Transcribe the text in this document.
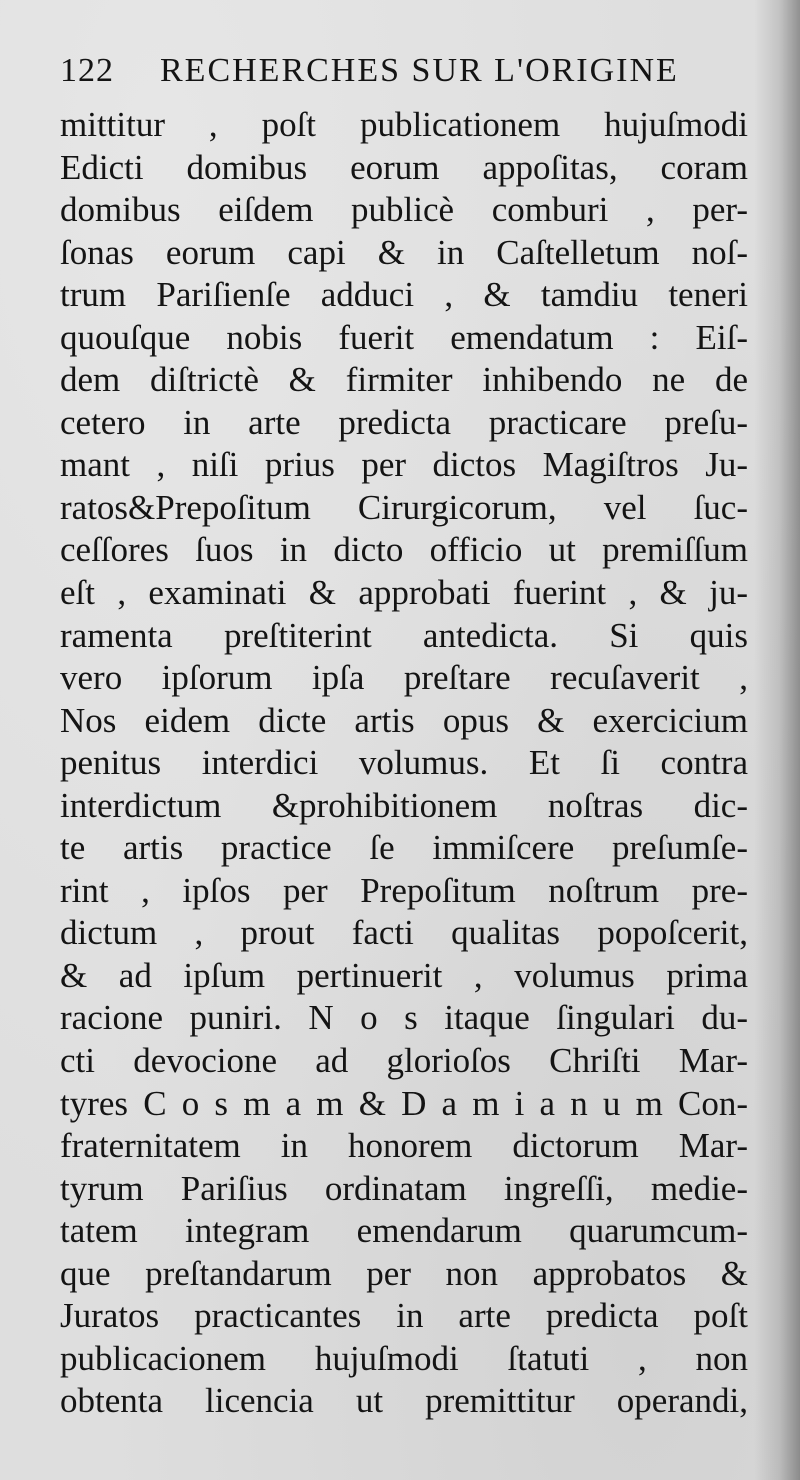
122	RECHERCHES SUR L'ORIGINE
mittitur , poſt publicationem hujuſmodi
Edicti domibus eorum appoſitas, coram
domibus eiſdem publicè comburi , per-
ſonas eorum capi & in Caſtelletum noſ-
trum Pariſienſe adduci , & tamdiu teneri
quouſque nobis fuerit emendatum : Eiſ-
dem diſtrictè & firmiter inhibendo ne de
cetero in arte predicta practicare preſu-
mant , niſi prius per dictos Magiſtros Ju-
ratos&Prepoſitum Cirurgicorum, vel ſuc-
ceſſores ſuos in dicto officio ut premiſſum
eſt , examinati & approbati fuerint , & ju-
ramenta preſtiterint antedicta. Si quis
vero ipſorum ipſa preſtare recuſaverit ,
Nos eidem dicte artis opus & exercicium
penitus interdici volumus. Et ſi contra
interdictum &prohibitionem noſtras dic-
te artis practice ſe immiſcere preſumſe-
rint , ipſos per Prepoſitum noſtrum pre-
dictum , prout facti qualitas popoſcerit,
& ad ipſum pertinuerit , volumus prima
racione puniri. N o s itaque ſingulari du-
cti devocione ad glorioſos Chriſti Mar-
tyres C o s m a m & D a m i a n u m Con-
fraternitatem in honorem dictorum Mar-
tyrum Pariſius ordinatam ingreſſi, medie-
tatem integram emendarum quarumcum-
que preſtandarum per non approbatos &
Juratos practicantes in arte predicta poſt
publicacionem hujuſmodi ſtatuti , non
obtenta licencia ut premittitur operandi,
